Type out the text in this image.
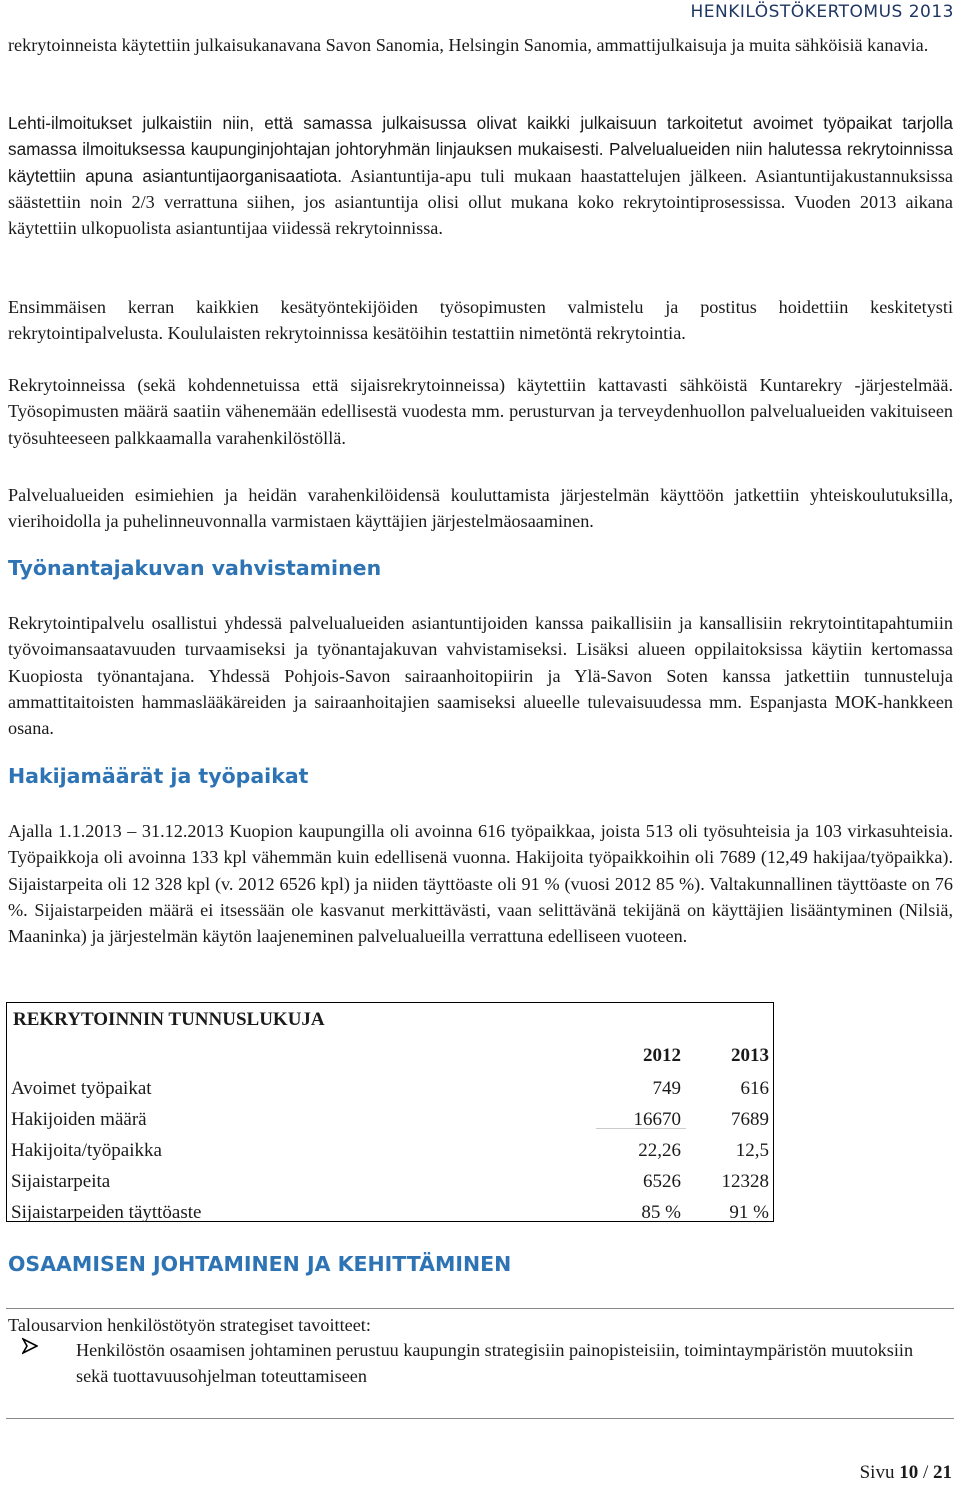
HENKILÖSTÖKERTOMUS 2013

rekrytoinneista käytettiin julkaisukanavana Savon Sanomia, Helsingin Sanomia, ammattijulkaisuja ja muita sähköisiä kanavia.

Lehti-ilmoitukset julkaistiin niin, että samassa julkaisussa olivat kaikki julkaisuun tarkoitetut avoimet työpaikat tarjolla samassa ilmoituksessa kaupunginjohtajan johtoryhmän linjauksen mukaisesti. Palvelualueiden niin halutessa rekrytoinnissa käytettiin apuna asiantuntijaorganisaatiota. Asiantuntija-apu tuli mukaan haastattelujen jälkeen. Asiantuntijakustannuksissa säästettiin noin 2/3 verrattuna siihen, jos asiantuntija olisi ollut mukana koko rekrytointiprosessissa. Vuoden 2013 aikana käytettiin ulkopuolista asiantuntijaa viidessä rekrytoinnissa.

Ensimmäisen kerran kaikkien kesätyöntekijöiden työsopimusten valmistelu ja postitus hoidettiin keskitetysti rekrytointipalvelusta. Koululaisten rekrytoinnissa kesätöihin testattiin nimetöntä rekrytointia.

Rekrytoinneissa (sekä kohdennetuissa että sijaisrekrytoinneissa) käytettiin kattavasti sähköistä Kuntarekry -järjestelmää. Työsopimusten määrä saatiin vähenemään edellisestä vuodesta mm. perusturvan ja terveydenhuollon palvelualueiden vakituiseen työsuhteeseen palkkaamalla varahenkilöstöllä.

Palvelualueiden esimiehien ja heidän varahenkilöidensä kouluttamista järjestelmän käyttöön jatkettiin yhteiskoulutuksilla, vierihoidolla ja puhelinneuvonnalla varmistaen käyttäjien järjestelmäosaaminen.

Työnantajakuvan vahvistaminen

Rekrytointipalvelu osallistui yhdessä palvelualueiden asiantuntijoiden kanssa paikallisiin ja kansallisiin rekrytointitapahtumiin työvoimansaatavuuden turvaamiseksi ja työnantajakuvan vahvistamiseksi. Lisäksi alueen oppilaitoksissa käytiin kertomassa Kuopiosta työnantajana. Yhdessä Pohjois-Savon sairaanhoitopiirin ja Ylä-Savon Soten kanssa jatkettiin tunnusteluja ammattitaitoisten hammaslääkäreiden ja sairaanhoitajien saamiseksi alueelle tulevaisuudessa mm. Espanjasta MOK-hankkeen osana.

Hakijamäärät ja työpaikat

Ajalla 1.1.2013 – 31.12.2013 Kuopion kaupungilla oli avoinna 616 työpaikkaa, joista 513 oli työsuhteisia ja 103 virkasuhteisia. Työpaikkoja oli avoinna 133 kpl vähemmän kuin edellisenä vuonna. Hakijoita työpaikkoihin oli 7689 (12,49 hakijaa/työpaikka). Sijaistarpeita oli 12 328 kpl (v. 2012 6526 kpl) ja niiden täyttöaste oli 91 % (vuosi 2012 85 %). Valtakunnallinen täyttöaste on 76 %. Sijaistarpeiden määrä ei itsessään ole kasvanut merkittävästi, vaan selittävänä tekijänä on käyttäjien lisääntyminen (Nilsiä, Maaninka) ja järjestelmän käytön laajeneminen palvelualueilla verrattuna edelliseen vuoteen.

REKRYTOINNIN TUNNUSLUKUJA

	2012	2013
Avoimet työpaikat	749	616
Hakijoiden määrä	16670	7689
Hakijoita/työpaikka	22,26	12,5
Sijaistarpeita	6526	12328
Sijaistarpeiden täyttöaste	85 %	91 %
OSAAMISEN JOHTAMINEN JA KEHITTÄMINEN

Talousarvion henkilöstötyön strategiset tavoitteet:

Henkilöstön osaamisen johtaminen perustuu kaupungin strategisiin painopisteisiin, toimintaympäristön muutoksiin sekä tuottavuusohjelman toteuttamiseen

Sivu 10 / 21
